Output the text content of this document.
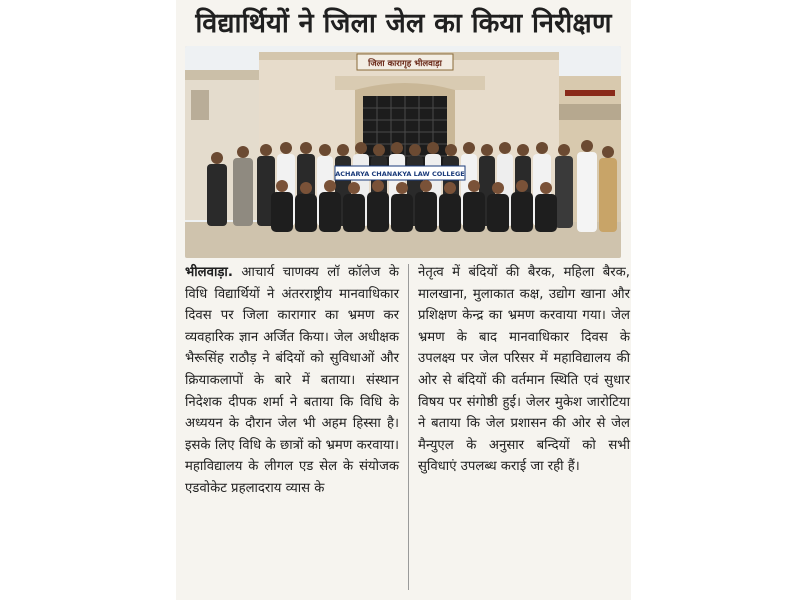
विद्यार्थियों ने जिला जेल का किया निरीक्षण
जिला कारागृह भीलवाड़ा
ACHARYA CHANAKYA LAW COLLEGE
भीलवाड़ा. आचार्य चाणक्य लॉ कॉलेज के विधि विद्यार्थियों ने अंतरराष्ट्रीय मानवाधिकार दिवस पर जिला कारागार का भ्रमण कर व्यवहारिक ज्ञान अर्जित किया। जेल अधीक्षक भैरूसिंह राठौड़ ने बंदियों को सुविधाओं और क्रियाकलापों के बारे में बताया। संस्थान निदेशक दीपक शर्मा ने बताया कि विधि के अध्ययन के दौरान जेल भी अहम हिस्सा है। इसके लिए विधि के छात्रों को भ्रमण करवाया। महाविद्यालय के लीगल एड सेल के संयोजक एडवोकेट प्रहलादराय व्यास के
नेतृत्व में बंदियों की बैरक, महिला बैरक, मालखाना, मुलाकात कक्ष, उद्योग खाना और प्रशिक्षण केन्द्र का भ्रमण करवाया गया। जेल भ्रमण के बाद मानवाधिकार दिवस के उपलक्ष्य पर जेल परिसर में महाविद्यालय की ओर से बंदियों की वर्तमान स्थिति एवं सुधार विषय पर संगोष्ठी हुई। जेलर मुकेश जारोटिया ने बताया कि जेल प्रशासन की ओर से जेल मैन्युएल के अनुसार बन्दियों को सभी सुविधाएं उपलब्ध कराई जा रही हैं।
